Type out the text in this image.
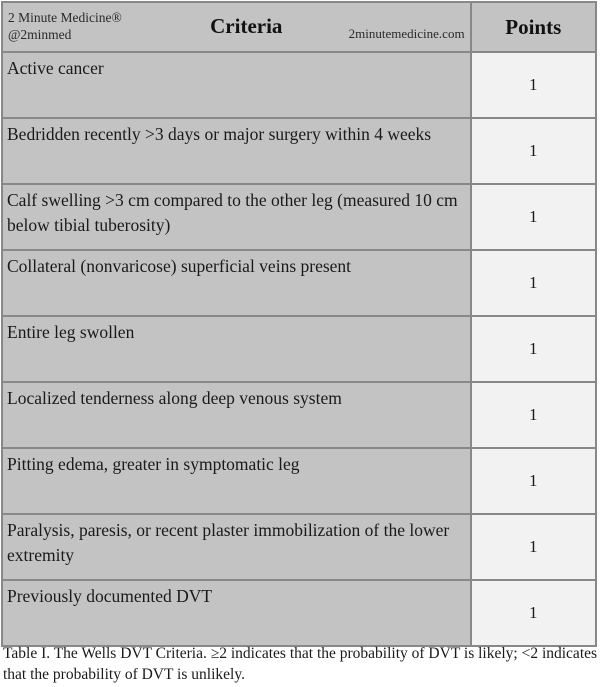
2 Minute Medicine®
@2minmed Criteria 2minutemedicine.com	Points
Active cancer	1
Bedridden recently >3 days or major surgery within 4 weeks	1
Calf swelling >3 cm compared to the other leg (measured 10 cm below tibial tuberosity)	1
Collateral (nonvaricose) superficial veins present	1
Entire leg swollen	1
Localized tenderness along deep venous system	1
Pitting edema, greater in symptomatic leg	1
Paralysis, paresis, or recent plaster immobilization of the lower extremity	1
Previously documented DVT	1
Table I. The Wells DVT Criteria. ≥2 indicates that the probability of DVT is likely; <2 indicates that the probability of DVT is unlikely.
